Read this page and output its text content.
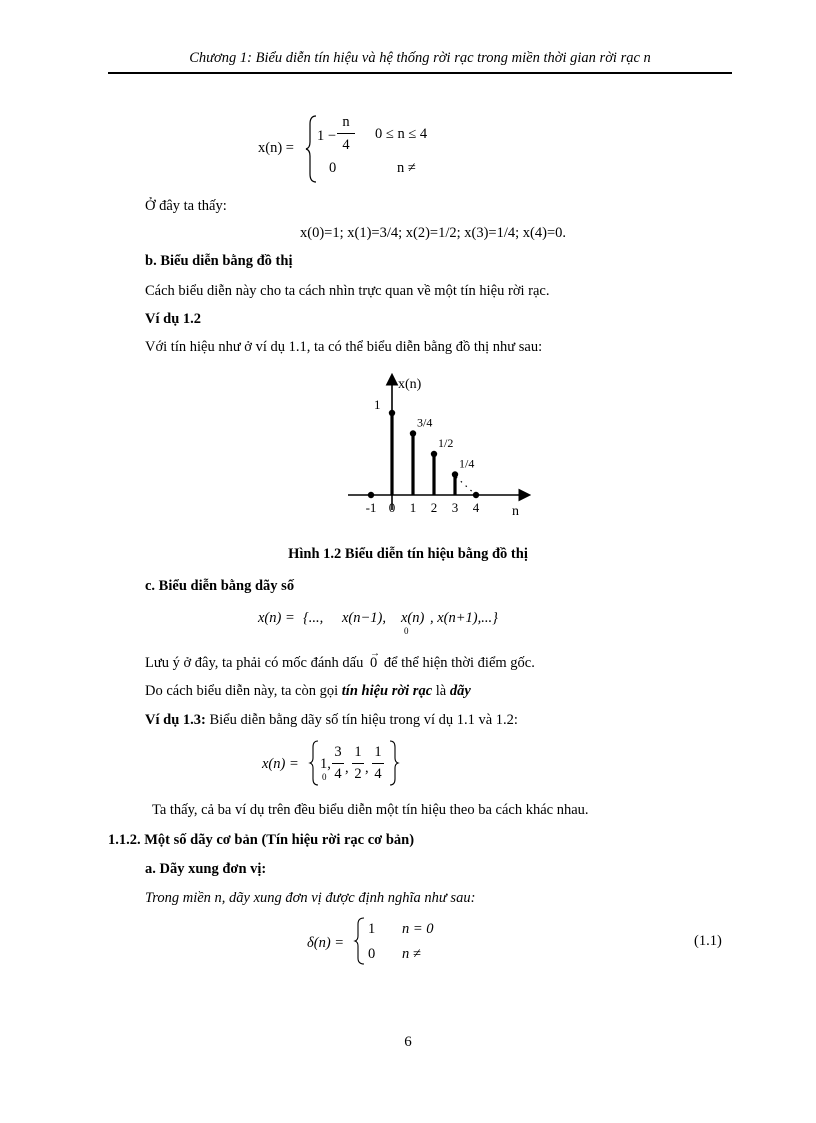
Chương 1: Biểu diễn tín hiệu và hệ thống rời rạc trong miền thời gian rời rạc n
x(n) =
1 −
n
4
0 ≤ n ≤ 4
0	n ≠
Ở đây ta thấy:
x(0)=1; x(1)=3/4; x(2)=1/2; x(3)=1/4; x(4)=0.
b. Biểu diễn bằng đồ thị
Cách biểu diễn này cho ta cách nhìn trực quan về một tín hiệu rời rạc.
Ví dụ 1.2
Với tín hiệu như ở ví dụ 1.1, ta có thể biểu diễn bằng đồ thị như sau:
x(n)
n
-1 0
3/4
1
1/2
2
1/4
3 4
1
Hình 1.2 Biểu diễn tín hiệu bằng đồ thị
c. Biểu diễn bằng dãy số
x(n) = {..., x(n−1), x(n)
0
, x(n+1),...}
Lưu ý ở đây, ta phải có mốc đánh dấu
→
0 để thể hiện thời điểm gốc.
Do cách biểu diễn này, ta còn gọi tín hiệu rời rạc là dãy
Ví dụ 1.3: Biểu diễn bằng dãy số tín hiệu trong ví dụ 1.1 và 1.2:
x(n) = 1,
0
3
4 ,
1
2 ,
1
4
Ta thấy, cả ba ví dụ trên đều biểu diễn một tín hiệu theo ba cách khác nhau.
1.1.2. Một số dãy cơ bản (Tín hiệu rời rạc cơ bản)
a. Dãy xung đơn vị:
Trong miền n, dãy xung đơn vị được định nghĩa như sau:
δ(n) =
1 n = 0
0 n ≠
(1.1)
6
